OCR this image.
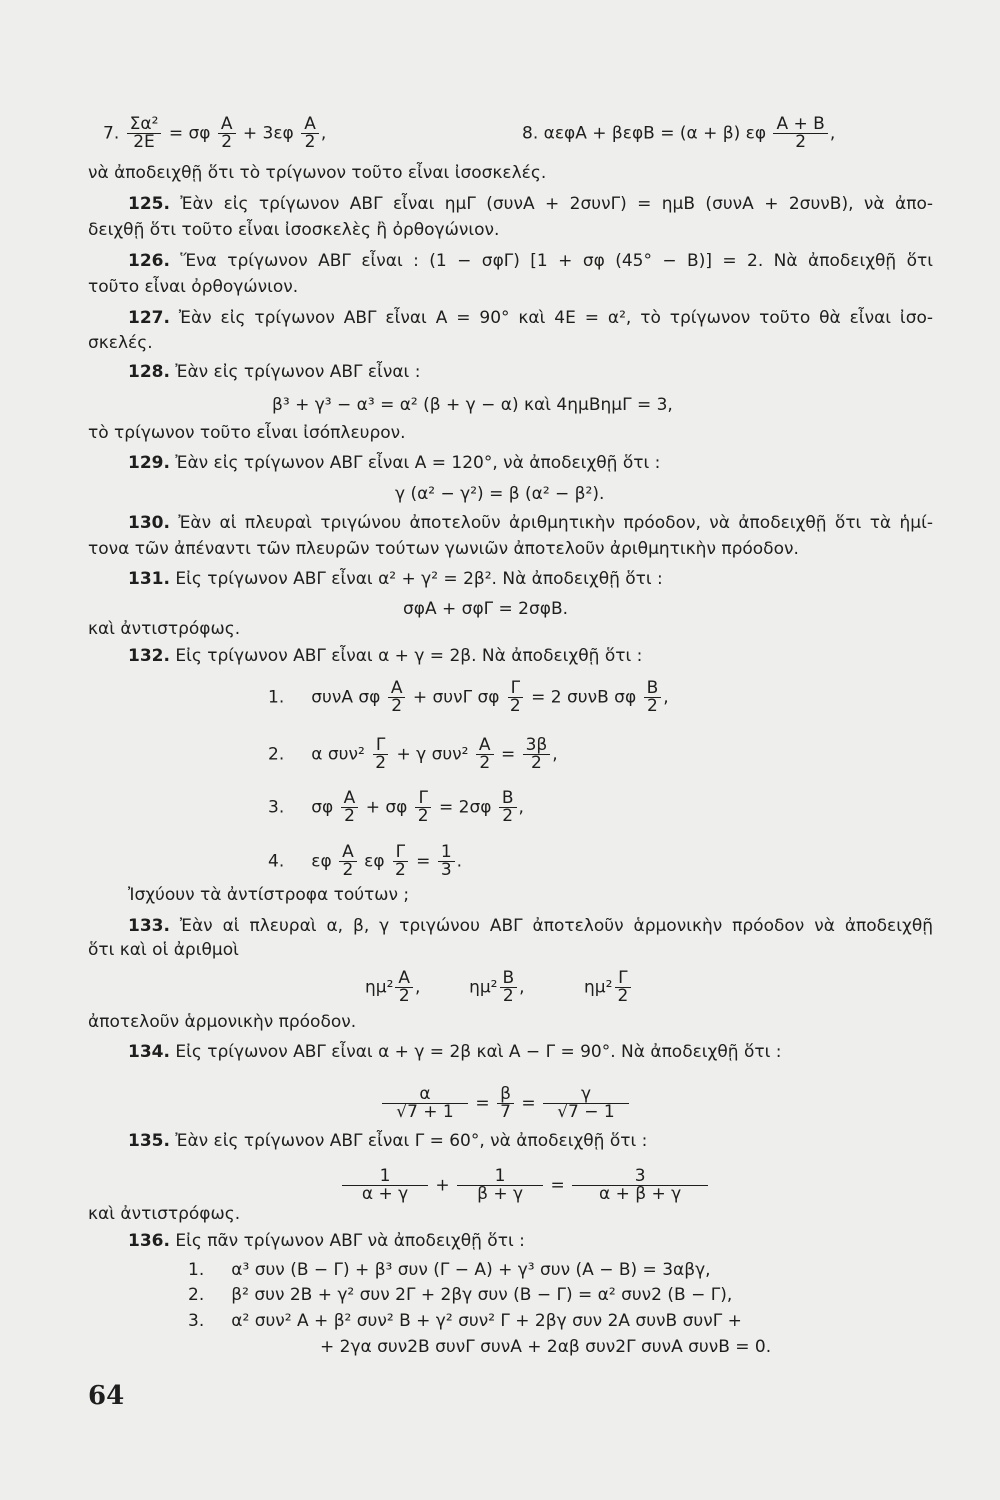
7. $\frac{\text{Σα²}}{2E} = \sigma\varphi \frac{A}{2} + 3\varepsilon\varphi \frac{A}{2}$ ,	8. αεφA + βεφB = (α + β) εφ $\frac{A + B}{2}$ ,
νὰ ἀποδειχθῇ ὅτι τὸ τρίγωνον τοῦτο εἶναι ἰσοσκελές.
125. Ἐὰν εἰς τρίγωνον ΑΒΓ εἶναι ημΓ (συνΑ + 2συνΓ) = ημΒ (συνΑ + 2συνΒ), νὰ ἀπο-
δειχθῇ ὅτι τοῦτο εἶναι ἰσοσκελὲς ἢ ὀρθογώνιον.
126. Ἕνα τρίγωνον ΑΒΓ εἶναι : (1 − σφΓ) [1 + σφ (45° − Β)] = 2. Νὰ ἀποδειχθῇ ὅτι
τοῦτο εἶναι ὀρθογώνιον.
127. Ἐὰν εἰς τρίγωνον ΑΒΓ εἶναι Α = 90° καὶ 4Ε = α², τὸ τρίγωνον τοῦτο θὰ εἶναι ἰσο-
σκελές.
128. Ἐὰν εἰς τρίγωνον ΑΒΓ εἶναι :
β³ + γ³ − α³ = α² (β + γ − α) καὶ 4ημΒημΓ = 3,
τὸ τρίγωνον τοῦτο εἶναι ἰσόπλευρον.
129. Ἐὰν εἰς τρίγωνον ΑΒΓ εἶναι Α = 120°, νὰ ἀποδειχθῇ ὅτι :
γ (α² − γ²) = β (α² − β²).
130. Ἐὰν αἱ πλευραὶ τριγώνου ἀποτελοῦν ἀριθμητικὴν πρόοδον, νὰ ἀποδειχθῇ ὅτι τὰ ἡμί-
τονα τῶν ἀπέναντι τῶν πλευρῶν τούτων γωνιῶν ἀποτελοῦν ἀριθμητικὴν πρόοδον.
131. Εἰς τρίγωνον ΑΒΓ εἶναι α² + γ² = 2β². Νὰ ἀποδειχθῇ ὅτι :
σφΑ + σφΓ = 2σφΒ.
καὶ ἀντιστρόφως.
132. Εἰς τρίγωνον ΑΒΓ εἶναι α + γ = 2β. Νὰ ἀποδειχθῇ ὅτι :
1. συνΑ σφ $\frac{A}{2} + \sigma\upsilon\nu\Gamma$ σφ $\frac{\Gamma}{2} = 2$ συνΒ σφ $\frac{B}{2}$ ,
2. α $\sigma\upsilon\nu^2 \frac{\Gamma}{2} + \gamma$ $\sigma\upsilon\nu^2 \frac{A}{2} = \frac{3\beta}{2}$ ,
3. σφ $\frac{A}{2} + \sigma\varphi \frac{\Gamma}{2} = 2\sigma\varphi \frac{B}{2}$ ,
4. εφ $\frac{A}{2}$ εφ $\frac{\Gamma}{2} = \frac{1}{3}$ .
Ἰσχύουν τὰ ἀντίστροφα τούτων ;
133. Ἐὰν αἱ πλευραὶ α, β, γ τριγώνου ΑΒΓ ἀποτελοῦν ἁρμονικὴν πρόοδον νὰ ἀποδειχθῇ
ὅτι καὶ οἱ ἀριθμοὶ
$\eta\mu^2 \frac{A}{2}$ ,	$\eta\mu^2 \frac{B}{2}$ ,	$\eta\mu^2 \frac{\Gamma}{2}$
ἀποτελοῦν ἁρμονικὴν πρόοδον.
134. Εἰς τρίγωνον ΑΒΓ εἶναι α + γ = 2β καὶ Α − Γ = 90°. Νὰ ἀποδειχθῇ ὅτι :
$\frac{\alpha}{√7 + 1} = \frac{\beta}{7} = \frac{\gamma}{√7 - 1}$
135. Ἐὰν εἰς τρίγωνον ΑΒΓ εἶναι Γ = 60°, νὰ ἀποδειχθῇ ὅτι :
$\frac{1}{\alpha + \gamma} + \frac{1}{\beta + \gamma} = \frac{3}{\alpha + \beta + \gamma}$
καὶ ἀντιστρόφως.
136. Εἰς πᾶν τρίγωνον ΑΒΓ νὰ ἀποδειχθῇ ὅτι :
1. α³ συν (Β − Γ) + β³ συν (Γ − Α) + γ³ συν (Α − Β) = 3αβγ,
2. β² συν 2Β + γ² συν 2Γ + 2βγ συν (Β − Γ) = α² συν2 (Β − Γ),
3. α² συν² Α + β² συν² Β + γ² συν² Γ + 2βγ συν 2Α συνΒ συνΓ +
+ 2γα συν2Β συνΓ συνΑ + 2αβ συν2Γ συνΑ συνΒ = 0.
64
